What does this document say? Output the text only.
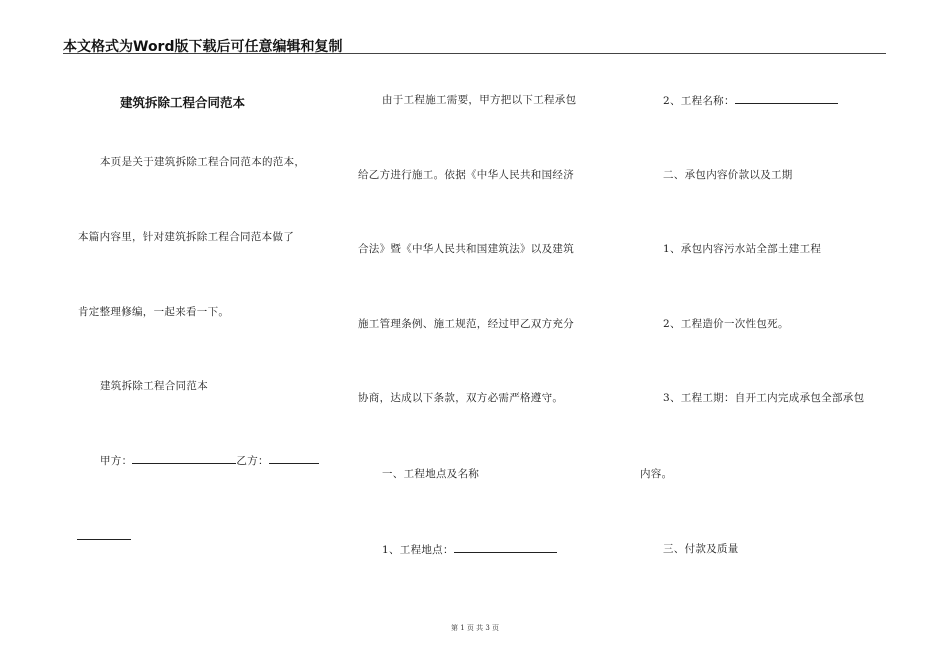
本文格式为Word版下载后可任意编辑和复制
建筑拆除工程合同范本
本页是关于建筑拆除工程合同范本的范本，
本篇内容里，针对建筑拆除工程合同范本做了
肯定整理修编，一起来看一下。
建筑拆除工程合同范本
甲方：	乙方：
由于工程施工需要，甲方把以下工程承包
给乙方进行施工。依据《中华人民共和国经济
合法》暨《中华人民共和国建筑法》以及建筑
施工管理条例、施工规范，经过甲乙双方充分
协商，达成以下条款，双方必需严格遵守。
一、工程地点及名称
1、工程地点：
2、工程名称：
二、承包内容价款以及工期
1、承包内容污水站全部土建工程
2、工程造价一次性包死。
3、工程工期：自开工内完成承包全部承包
内容。
三、付款及质量
第 1 页 共 3 页
